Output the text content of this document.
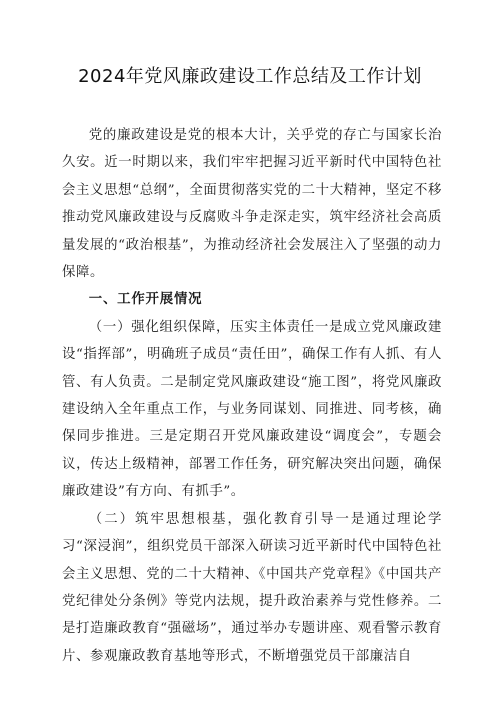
2024年党风廉政建设工作总结及工作计划

党的廉政建设是党的根本大计，关乎党的存亡与国家长治久安。近一时期以来，我们牢牢把握习近平新时代中国特色社会主义思想“总纲”，全面贯彻落实党的二十大精神，坚定不移推动党风廉政建设与反腐败斗争走深走实，筑牢经济社会高质量发展的“政治根基”，为推动经济社会发展注入了坚强的动力保障。

一、工作开展情况

（一）强化组织保障，压实主体责任一是成立党风廉政建设“指挥部”，明确班子成员“责任田”，确保工作有人抓、有人管、有人负责。二是制定党风廉政建设“施工图”，将党风廉政建设纳入全年重点工作，与业务同谋划、同推进、同考核，确保同步推进。三是定期召开党风廉政建设“调度会”，专题会议，传达上级精神，部署工作任务，研究解决突出问题，确保廉政建设”有方向、有抓手”。

（二）筑牢思想根基，强化教育引导一是通过理论学习“深浸润”，组织党员干部深入研读习近平新时代中国特色社会主义思想、党的二十大精神、《中国共产党章程》《中国共产党纪律处分条例》等党内法规，提升政治素养与党性修养。二是打造廉政教育“强磁场”，通过举办专题讲座、观看警示教育片、参观廉政教育基地等形式，不断增强党员干部廉洁自
